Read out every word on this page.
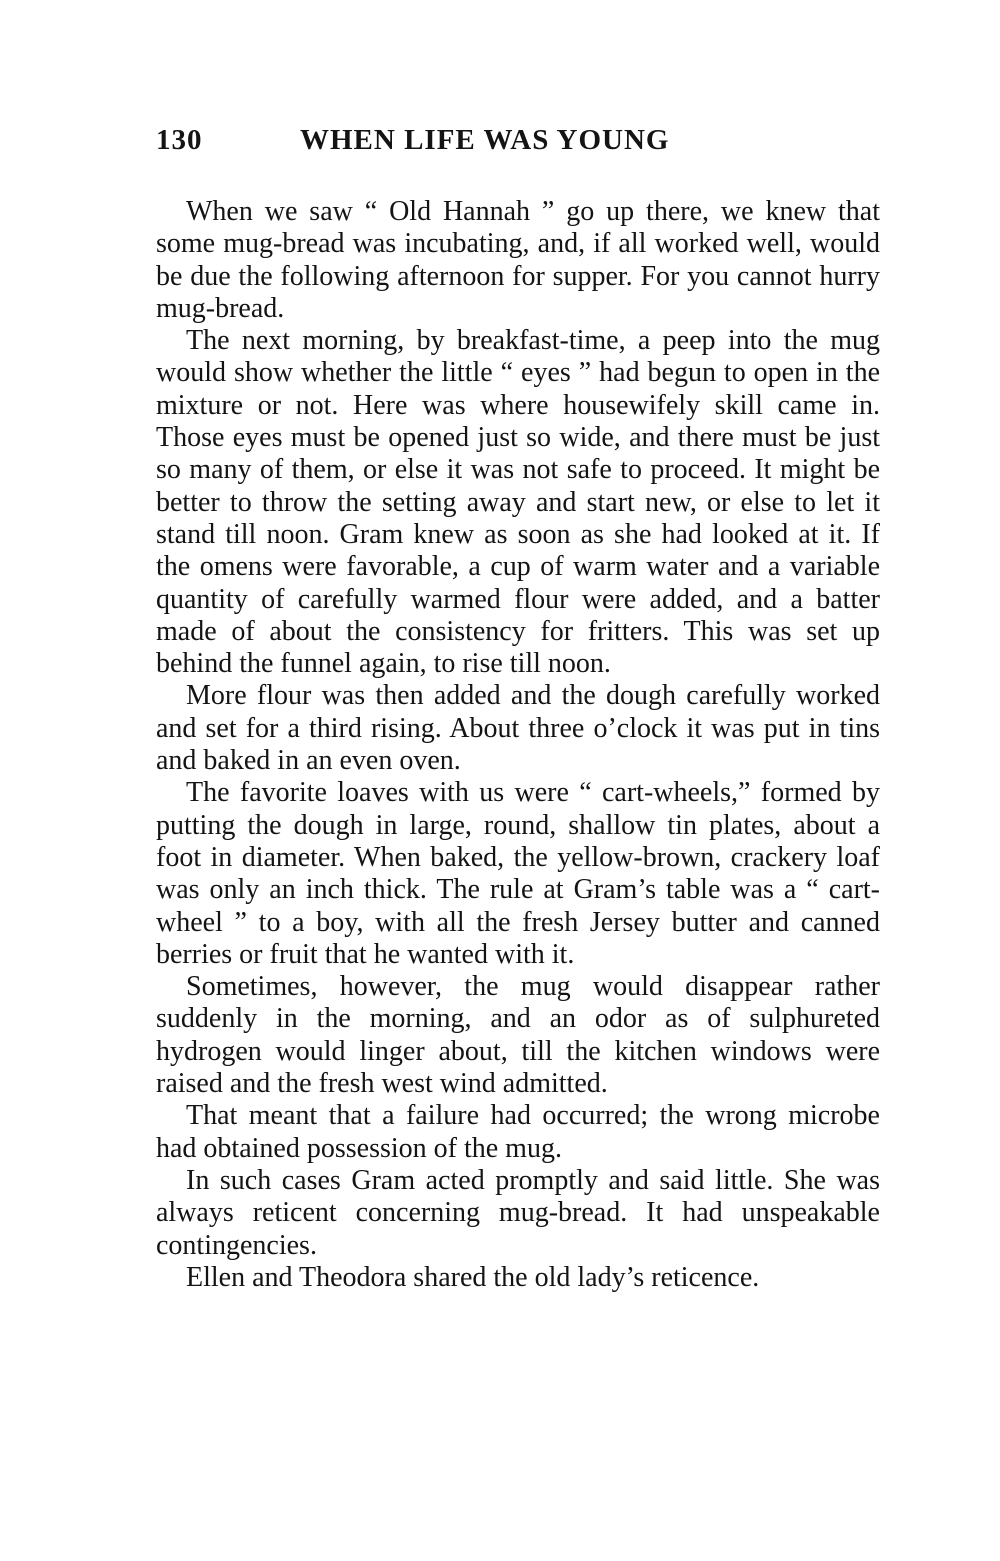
130	WHEN LIFE WAS YOUNG

When we saw “ Old Hannah ” go up there, we knew that some mug-bread was incubating, and, if all worked well, would be due the following afternoon for supper. For you cannot hurry mug-bread.

The next morning, by breakfast-time, a peep into the mug would show whether the little “ eyes ” had begun to open in the mixture or not. Here was where housewifely skill came in. Those eyes must be opened just so wide, and there must be just so many of them, or else it was not safe to proceed. It might be better to throw the setting away and start new, or else to let it stand till noon. Gram knew as soon as she had looked at it. If the omens were favorable, a cup of warm water and a variable quantity of carefully warmed flour were added, and a batter made of about the consistency for fritters. This was set up behind the funnel again, to rise till noon.

More flour was then added and the dough carefully worked and set for a third rising. About three o’clock it was put in tins and baked in an even oven.

The favorite loaves with us were “ cart-wheels,” formed by putting the dough in large, round, shallow tin plates, about a foot in diameter. When baked, the yellow-brown, crackery loaf was only an inch thick. The rule at Gram’s table was a “ cart-wheel ” to a boy, with all the fresh Jersey butter and canned berries or fruit that he wanted with it.

Sometimes, however, the mug would disappear rather suddenly in the morning, and an odor as of sulphureted hydrogen would linger about, till the kitchen windows were raised and the fresh west wind admitted.

That meant that a failure had occurred; the wrong microbe had obtained possession of the mug.

In such cases Gram acted promptly and said little. She was always reticent concerning mug-bread. It had unspeakable contingencies.

Ellen and Theodora shared the old lady’s reticence.
